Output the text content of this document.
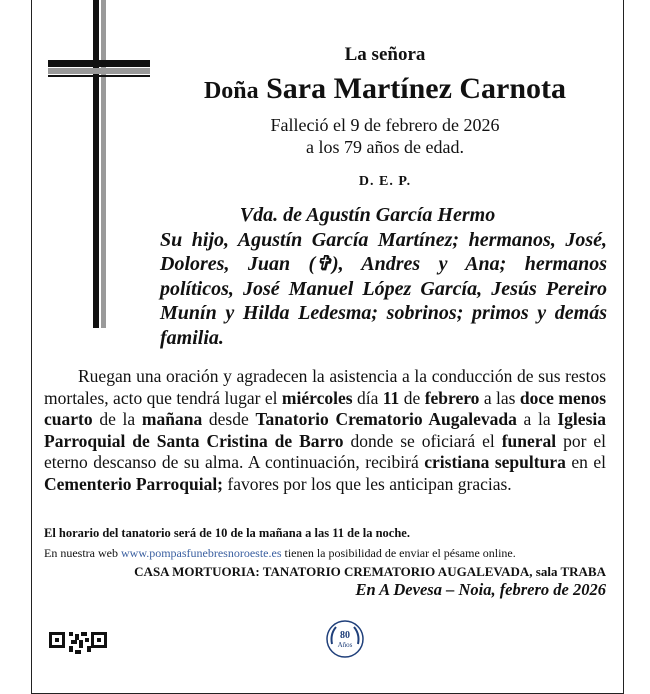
La señora
Doña Sara Martínez Carnota
Falleció el 9 de febrero de 2026
a los 79 años de edad.
D. E. P.
Vda. de Agustín García Hermo
Su hijo, Agustín García Martínez; hermanos, José, Dolores, Juan (✞), Andres y Ana; hermanos políticos, José Manuel López García, Jesús Pereiro Munín y Hilda Ledesma; sobrinos; primos y demás familia.
Ruegan una oración y agradecen la asistencia a la conducción de sus restos mortales, acto que tendrá lugar el miércoles día 11 de febrero a las doce menos cuarto de la mañana desde Tanatorio Crematorio Augalevada a la Iglesia Parroquial de Santa Cristina de Barro donde se oficiará el funeral por el eterno descanso de su alma. A continuación, recibirá cristiana sepultura en el Cementerio Parroquial; favores por los que les anticipan gracias.
El horario del tanatorio será de 10 de la mañana a las 11 de la noche.
En nuestra web www.pompasfunebresnoroeste.es tienen la posibilidad de enviar el pésame online.
CASA MORTUORIA: TANATORIO CREMATORIO AUGALEVADA, sala TRABA
En A Devesa – Noia, febrero de 2026
80
Años
